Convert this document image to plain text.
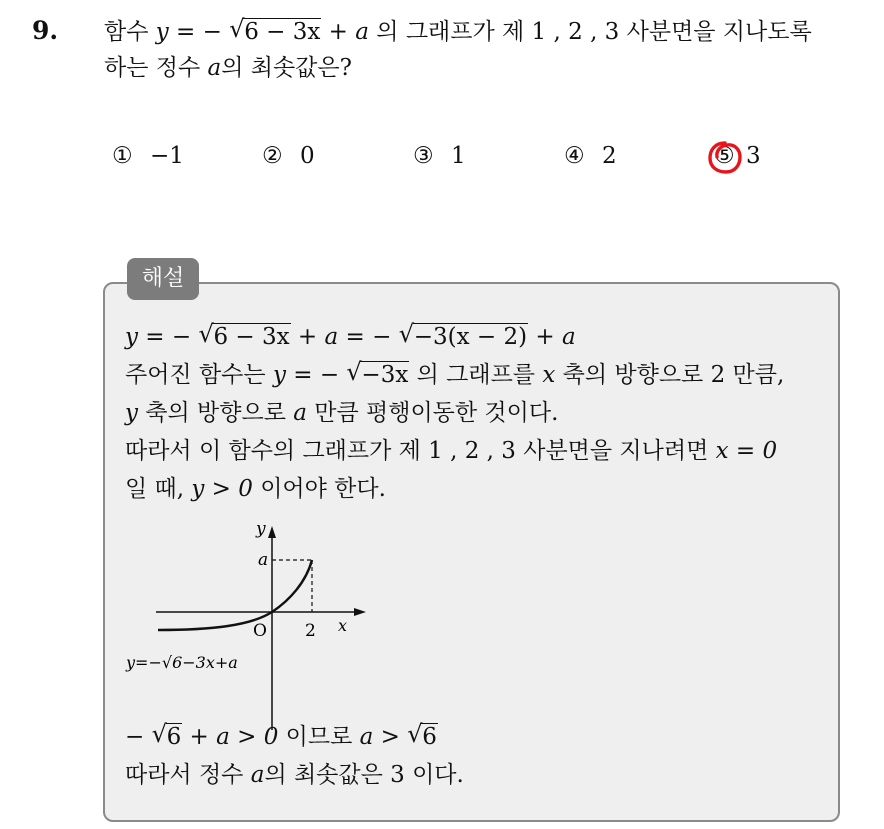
9. 함수 y = − √ 6 − 3x + a 의 그래프가 제 1 , 2 , 3 사분면을 지나도록
하는 정수 a의 최솟값은?
① −1	② 0	③ 1	④ 2	⑤ 3
해설
y = − √ 6 − 3x + a = − √ −3(x − 2) + a
주어진 함수는 y = − √ −3x 의 그래프를 x 축의 방향으로 2 만큼,
y 축의 방향으로 a 만큼 평행이동한 것이다.
따라서 이 함수의 그래프가 제 1 , 2 , 3 사분면을 지나려면 x = 0
일 때, y > 0 이어야 한다.
y
a
O 2 x
y=−√6−3x+a
− √ 6 + a > 0 이므로 a > √ 6
따라서 정수 a의 최솟값은 3 이다.
